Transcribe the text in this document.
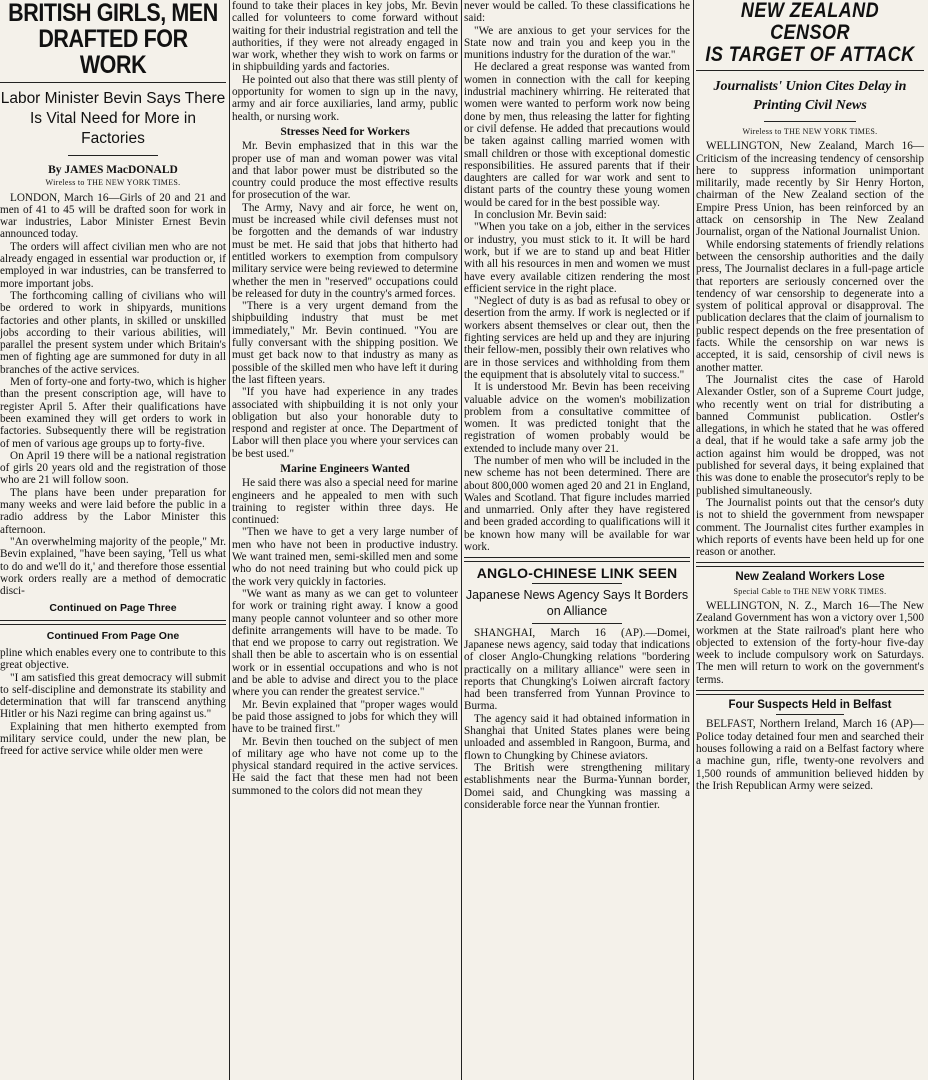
BRITISH GIRLS, MEN
DRAFTED FOR WORK
Labor Minister Bevin Says There Is Vital Need for More in Factories
By JAMES MacDONALD
Wireless to THE NEW YORK TIMES.

LONDON, March 16—Girls of 20 and 21 and men of 41 to 45 will be drafted soon for work in war industries, Labor Minister Ernest Bevin announced today.

The orders will affect civilian men who are not already engaged in essential war production or, if employed in war industries, can be transferred to more important jobs.

The forthcoming calling of civilians who will be ordered to work in shipyards, munitions factories and other plants, in skilled or unskilled jobs according to their various abilities, will parallel the present system under which Britain's men of fighting age are summoned for duty in all branches of the active services.

Men of forty-one and forty-two, which is higher than the present conscription age, will have to register April 5. After their qualifications have been examined they will get orders to work in factories. Subsequently there will be registration of men of various age groups up to forty-five.

On April 19 there will be a national registration of girls 20 years old and the registration of those who are 21 will follow soon.

The plans have been under preparation for many weeks and were laid before the public in a radio address by the Labor Minister this afternoon.

"An overwhelming majority of the people," Mr. Bevin explained, "have been saying, 'Tell us what to do and we'll do it,' and therefore those essential work orders really are a method of democratic disci-

Continued on Page Three
Continued From Page One

pline which enables every one to contribute to this great objective.

"I am satisfied this great democracy will submit to self-discipline and demonstrate its stability and determination that will far transcend anything Hitler or his Nazi regime can bring against us."

Explaining that men hitherto exempted from military service could, under the new plan, be freed for active service while older men were

found to take their places in key jobs, Mr. Bevin called for volunteers to come forward without waiting for their industrial registration and tell the authorities, if they were not already engaged in war work, whether they wish to work on farms or in shipbuilding yards and factories.

He pointed out also that there was still plenty of opportunity for women to sign up in the navy, army and air force auxiliaries, land army, public health, or nursing work.

Stresses Need for Workers

Mr. Bevin emphasized that in this war the proper use of man and woman power was vital and that labor power must be distributed so the country could produce the most effective results for prosecution of the war.

The Army, Navy and air force, he went on, must be increased while civil defenses must not be forgotten and the demands of war industry must be met. He said that jobs that hitherto had entitled workers to exemption from compulsory military service were being reviewed to determine whether the men in "reserved" occupations could be released for duty in the country's armed forces.

"There is a very urgent demand from the shipbuilding industry that must be met immediately," Mr. Bevin continued. "You are fully conversant with the shipping position. We must get back now to that industry as many as possible of the skilled men who have left it during the last fifteen years.

"If you have had experience in any trades associated with shipbuilding it is not only your obligation but also your honorable duty to respond and register at once. The Department of Labor will then place you where your services can be best used."

Marine Engineers Wanted

He said there was also a special need for marine engineers and he appealed to men with such training to register within three days. He continued:

"Then we have to get a very large number of men who have not been in productive industry. We want trained men, semi-skilled men and some who do not need training but who could pick up the work very quickly in factories.

"We want as many as we can get to volunteer for work or training right away. I know a good many people cannot volunteer and so other more definite arrangements will have to be made. To that end we propose to carry out registration. We shall then be able to ascertain who is on essential work or in essential occupations and who is not and be able to advise and direct you to the place where you can render the greatest service."

Mr. Bevin explained that "proper wages would be paid those assigned to jobs for which they will have to be trained first."

Mr. Bevin then touched on the subject of men of military age who have not come up to the physical standard required in the active services. He said the fact that these men had not been summoned to the colors did not mean they

never would be called. To these classifications he said:

"We are anxious to get your services for the State now and train you and keep you in the munitions industry for the duration of the war."

He declared a great response was wanted from women in connection with the call for keeping industrial machinery whirring. He reiterated that women were wanted to perform work now being done by men, thus releasing the latter for fighting or civil defense. He added that precautions would be taken against calling married women with small children or those with exceptional domestic responsibilities. He assured parents that if their daughters are called for war work and sent to distant parts of the country these young women would be cared for in the best possible way.

In conclusion Mr. Bevin said:

"When you take on a job, either in the services or industry, you must stick to it. It will be hard work, but if we are to stand up and beat Hitler with all his resources in men and women we must have every available citizen rendering the most efficient service in the right place.

"Neglect of duty is as bad as refusal to obey or desertion from the army. If work is neglected or if workers absent themselves or clear out, then the fighting services are held up and they are injuring their fellow-men, possibly their own relatives who are in those services and withholding from them the equipment that is absolutely vital to success."

It is understood Mr. Bevin has been receiving valuable advice on the women's mobilization problem from a consultative committee of women. It was predicted tonight that the registration of women probably would be extended to include many over 21.

The number of men who will be included in the new scheme has not been determined. There are about 800,000 women aged 20 and 21 in England, Wales and Scotland. That figure includes married and unmarried. Only after they have registered and been graded according to qualifications will it be known how many will be available for war work.

ANGLO-CHINESE LINK SEEN
Japanese News Agency Says It Borders on Alliance

SHANGHAI, March 16 (AP).—Domei, Japanese news agency, said today that indications of closer Anglo-Chungking relations "bordering practically on a military alliance" were seen in reports that Chungking's Loiwen aircraft factory had been transferred from Yunnan Province to Burma.

The agency said it had obtained information in Shanghai that United States planes were being unloaded and assembled in Rangoon, Burma, and flown to Chungking by Chinese aviators.

The British were strengthening military establishments near the Burma-Yunnan border, Domei said, and Chungking was massing a considerable force near the Yunnan frontier.

NEW ZEALAND CENSOR
IS TARGET OF ATTACK
Journalists' Union Cites Delay in Printing Civil News
Wireless to THE NEW YORK TIMES.

WELLINGTON, New Zealand, March 16—Criticism of the increasing tendency of censorship here to suppress information unimportant militarily, made recently by Sir Henry Horton, chairman of the New Zealand section of the Empire Press Union, has been reinforced by an attack on censorship in The New Zealand Journalist, organ of the National Journalist Union.

While endorsing statements of friendly relations between the censorship authorities and the daily press, The Journalist declares in a full-page article that reporters are seriously concerned over the tendency of war censorship to degenerate into a system of political approval or disapproval. The publication declares that the claim of journalism to public respect depends on the free presentation of facts. While the censorship on war news is accepted, it is said, censorship of civil news is another matter.

The Journalist cites the case of Harold Alexander Ostler, son of a Supreme Court judge, who recently went on trial for distributing a banned Communist publication. Ostler's allegations, in which he stated that he was offered a deal, that if he would take a safe army job the action against him would be dropped, was not published for several days, it being explained that this was done to enable the prosecutor's reply to be published simultaneously.

The Journalist points out that the censor's duty is not to shield the government from newspaper comment. The Journalist cites further examples in which reports of events have been held up for one reason or another.

New Zealand Workers Lose
Special Cable to THE NEW YORK TIMES.

WELLINGTON, N. Z., March 16—The New Zealand Government has won a victory over 1,500 workmen at the State railroad's plant here who objected to extension of the forty-hour five-day week to include compulsory work on Saturdays. The men will return to work on the government's terms.

Four Suspects Held in Belfast

BELFAST, Northern Ireland, March 16 (AP)—Police today detained four men and searched their houses following a raid on a Belfast factory where a machine gun, rifle, twenty-one revolvers and 1,500 rounds of ammunition believed hidden by the Irish Republican Army were seized.
